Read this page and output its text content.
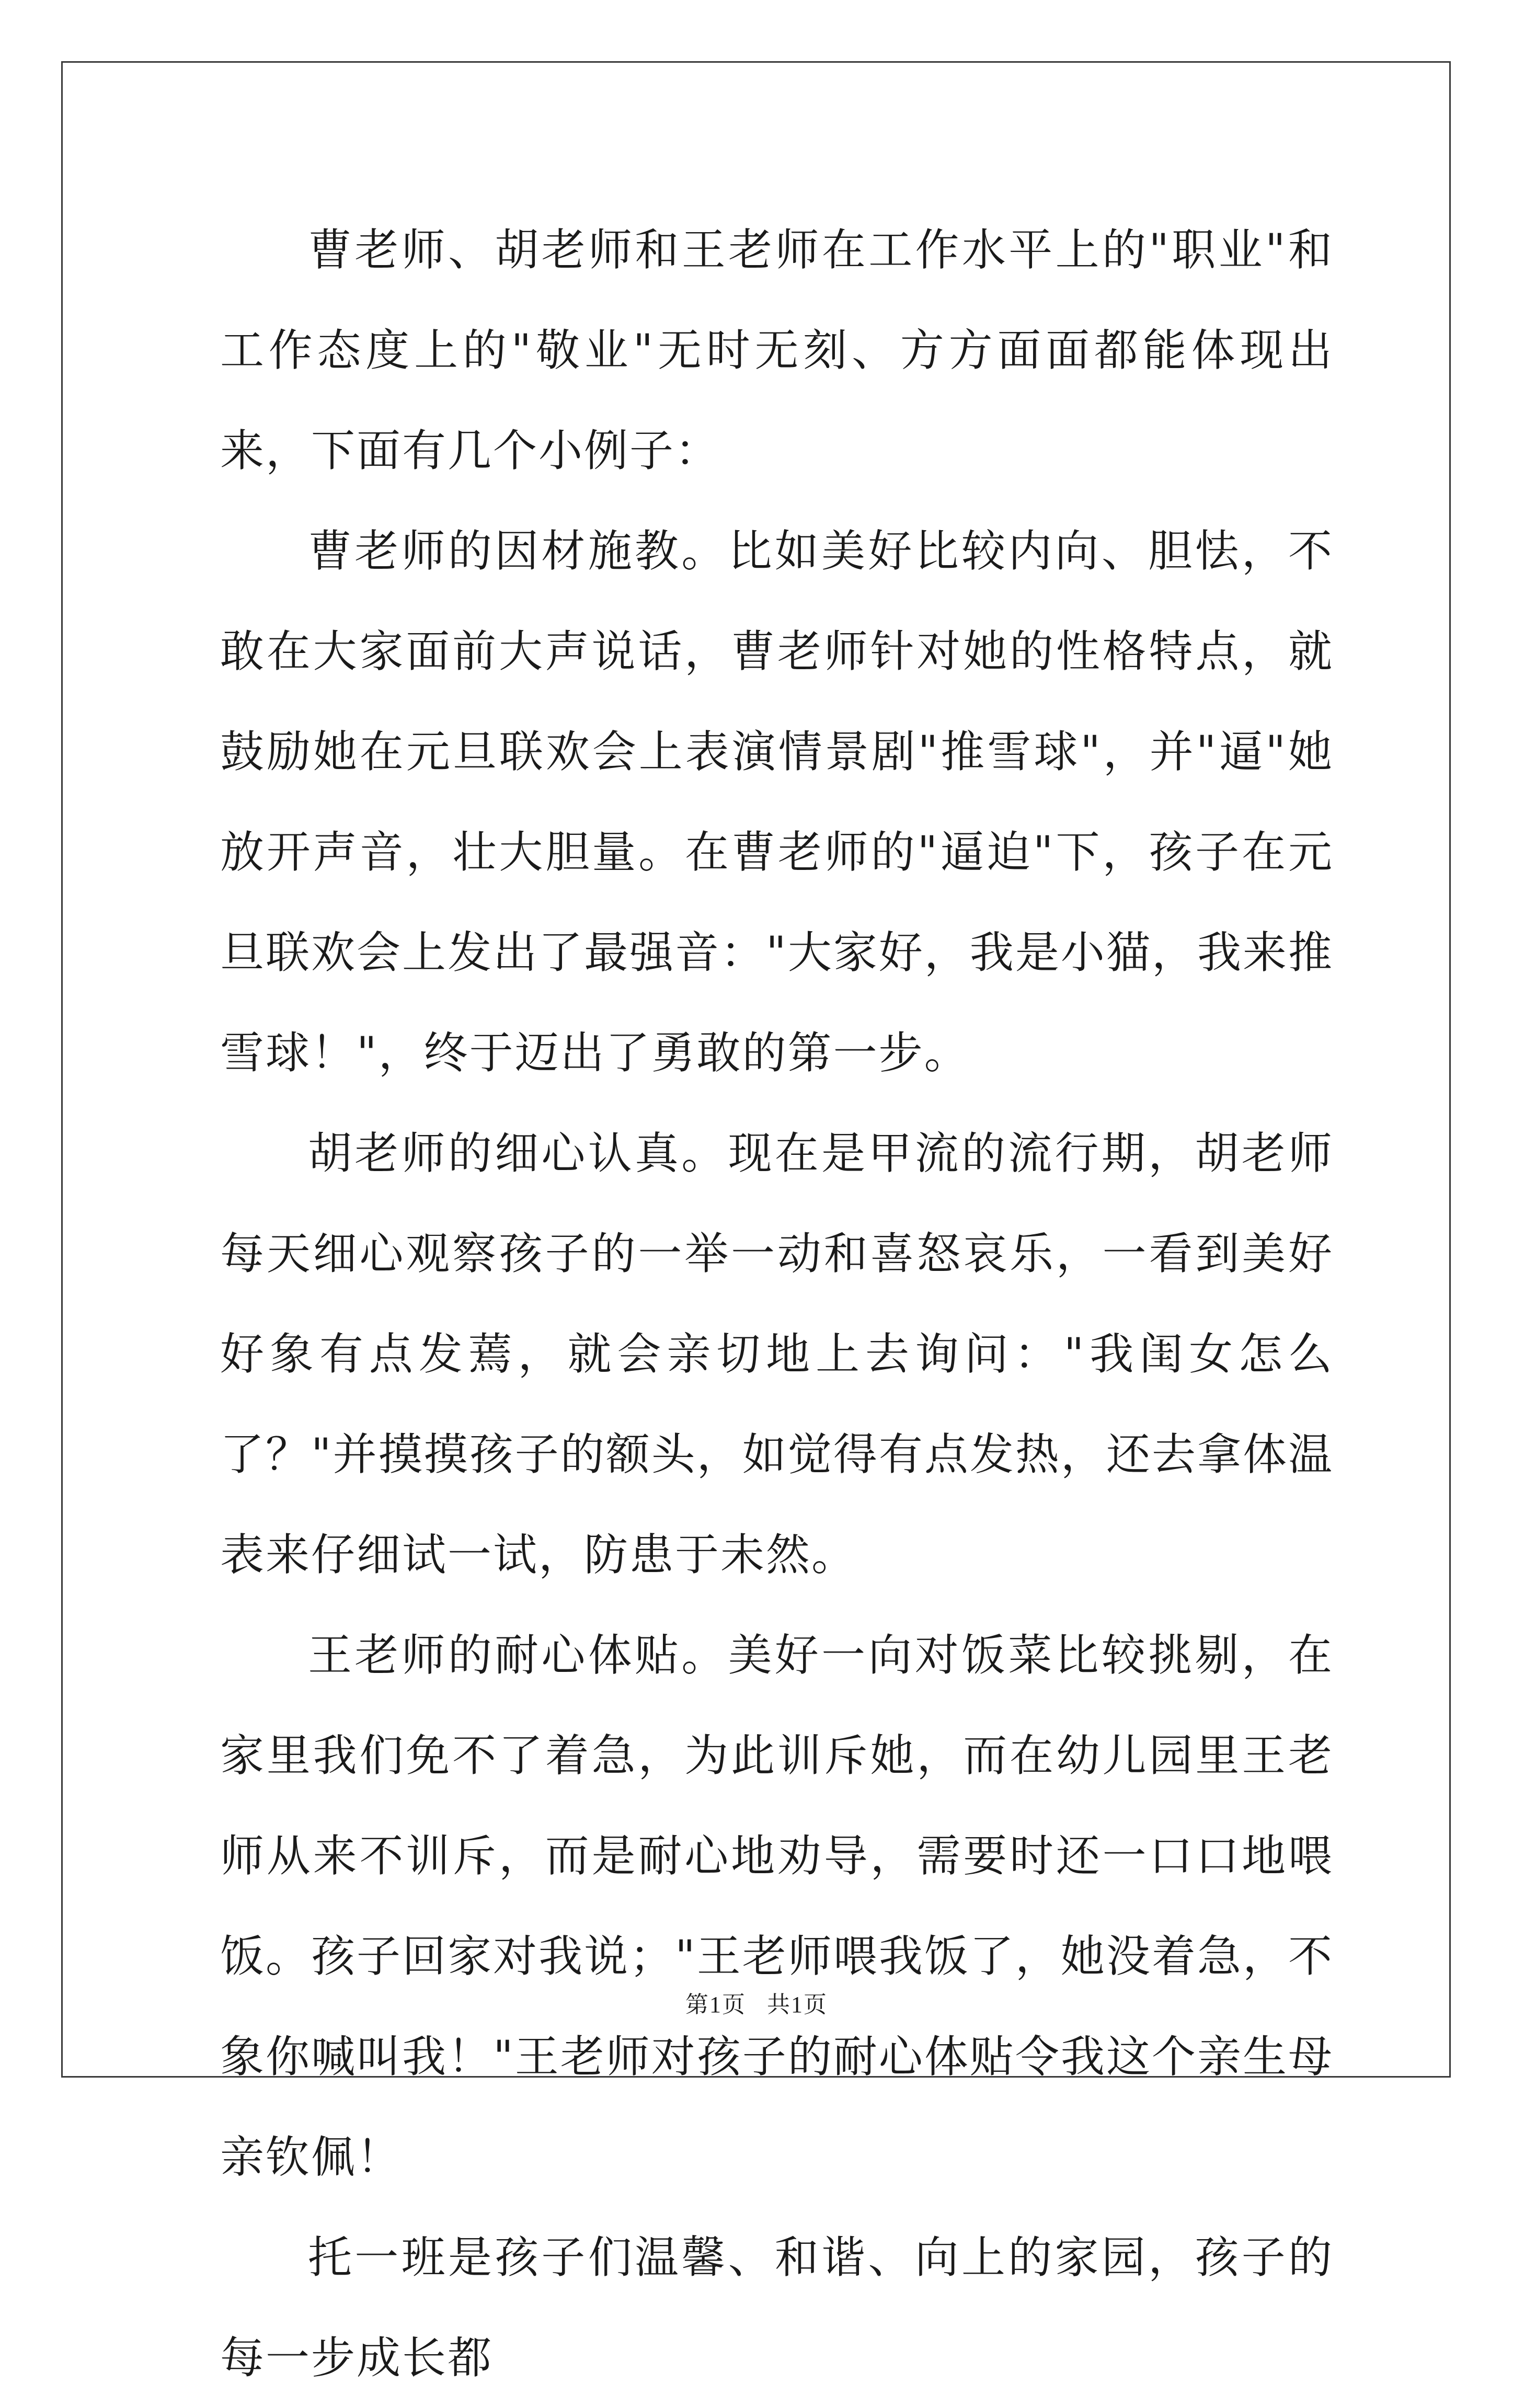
曹老师、胡老师和王老师在工作水平上的"职业"和工作态度上的"敬业"无时无刻、方方面面都能体现出来，下面有几个小例子：

曹老师的因材施教。比如美好比较内向、胆怯，不敢在大家面前大声说话，曹老师针对她的性格特点，就鼓励她在元旦联欢会上表演情景剧"推雪球"，并"逼"她放开声音，壮大胆量。在曹老师的"逼迫"下，孩子在元旦联欢会上发出了最强音："大家好，我是小猫，我来推雪球！"，终于迈出了勇敢的第一步。

胡老师的细心认真。现在是甲流的流行期，胡老师每天细心观察孩子的一举一动和喜怒哀乐，一看到美好好象有点发蔫，就会亲切地上去询问："我闺女怎么了？"并摸摸孩子的额头，如觉得有点发热，还去拿体温表来仔细试一试，防患于未然。

王老师的耐心体贴。美好一向对饭菜比较挑剔，在家里我们免不了着急，为此训斥她，而在幼儿园里王老师从来不训斥，而是耐心地劝导，需要时还一口口地喂饭。孩子回家对我说；"王老师喂我饭了，她没着急，不象你喊叫我！"王老师对孩子的耐心体贴令我这个亲生母亲钦佩！

托一班是孩子们温馨、和谐、向上的家园，孩子的每一步成长都

第1页 共1页
